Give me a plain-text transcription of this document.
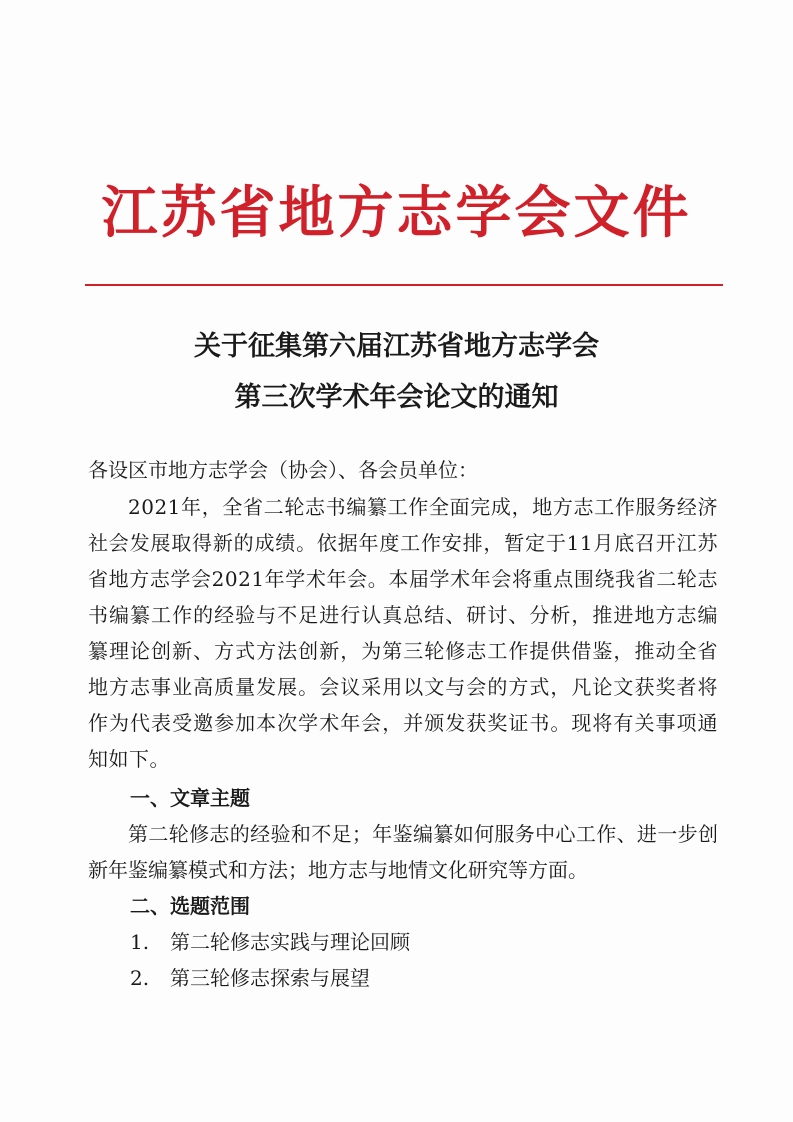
江苏省地方志学会文件
关于征集第六届江苏省地方志学会
第三次学术年会论文的通知
各设区市地方志学会（协会）、各会员单位：
2021年，全省二轮志书编纂工作全面完成，地方志工作服务经济社会发展取得新的成绩。依据年度工作安排，暂定于11月底召开江苏省地方志学会2021年学术年会。本届学术年会将重点围绕我省二轮志书编纂工作的经验与不足进行认真总结、研讨、分析，推进地方志编纂理论创新、方式方法创新，为第三轮修志工作提供借鉴，推动全省地方志事业高质量发展。会议采用以文与会的方式，凡论文获奖者将作为代表受邀参加本次学术年会，并颁发获奖证书。现将有关事项通知如下。
一、文章主题
第二轮修志的经验和不足；年鉴编纂如何服务中心工作、进一步创新年鉴编纂模式和方法；地方志与地情文化研究等方面。
二、选题范围
1.	第二轮修志实践与理论回顾
2.	第三轮修志探索与展望
